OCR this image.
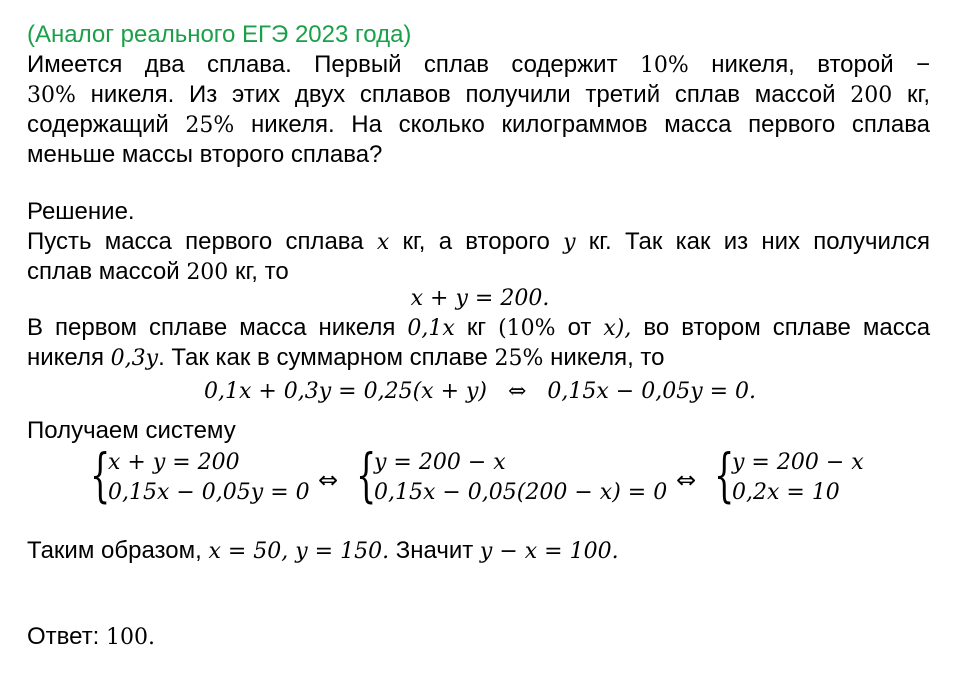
(Аналог реального ЕГЭ 2023 года)
Имеется два сплава. Первый сплав содержит 10% никеля, второй −
30% никеля. Из этих двух сплавов получили третий сплав массой 200 кг,
содержащий 25% никеля. На сколько килограммов масса первого сплава
меньше массы второго сплава?
Решение.
Пусть масса первого сплава x кг, а второго y кг. Так как из них получился
сплав массой 200 кг, то
x + y = 200.
В первом сплаве масса никеля 0,1x кг (10% от x), во втором сплаве масса
никеля 0,3y. Так как в суммарном сплаве 25% никеля, то
0,1x + 0,3y = 0,25(x + y)   ⇔   0,15x − 0,05y = 0.
Получаем систему
{
x + y = 200
0,15x − 0,05y = 0 ⇔ {
y = 200 − x
0,15x − 0,05(200 − x) = 0 ⇔ {
y = 200 − x
0,2x = 10
Таким образом, x = 50, y = 150. Значит y − x = 100.
Ответ: 100.
